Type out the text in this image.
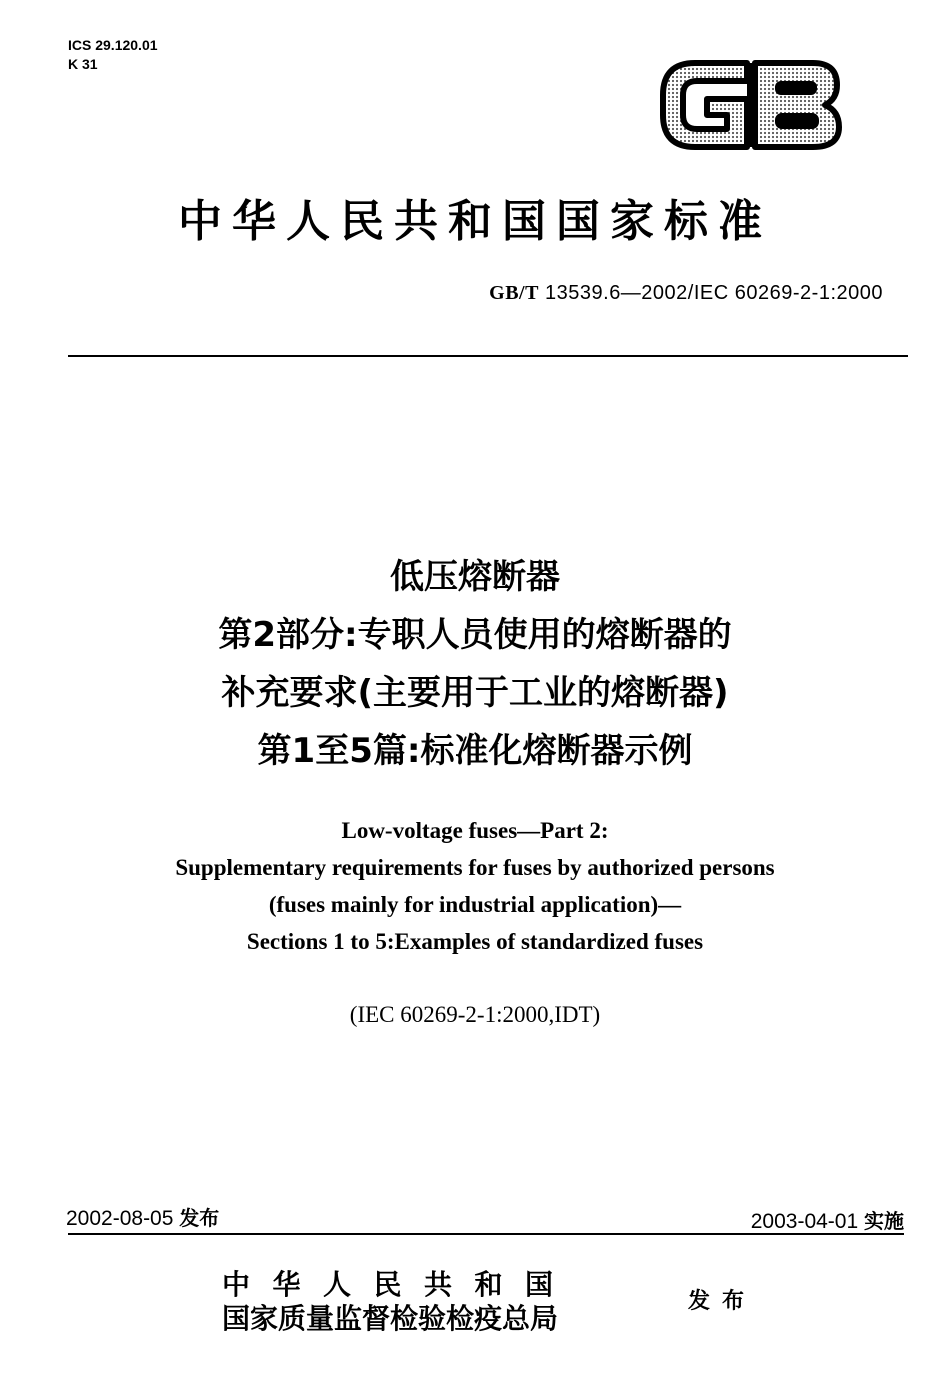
ICS 29.120.01
K 31
中华人民共和国国家标准
GB/T 13539.6—2002/IEC 60269-2-1:2000
低压熔断器
第2部分:专职人员使用的熔断器的
补充要求(主要用于工业的熔断器)
第1至5篇:标准化熔断器示例
Low-voltage fuses—Part 2:
Supplementary requirements for fuses by authorized persons
(fuses mainly for industrial application)—
Sections 1 to 5:Examples of standardized fuses
(IEC 60269-2-1:2000,IDT)
2002-08-05 发布	2003-04-01 实施
中华人民共和国
国家质量监督检验检疫总局
发布
